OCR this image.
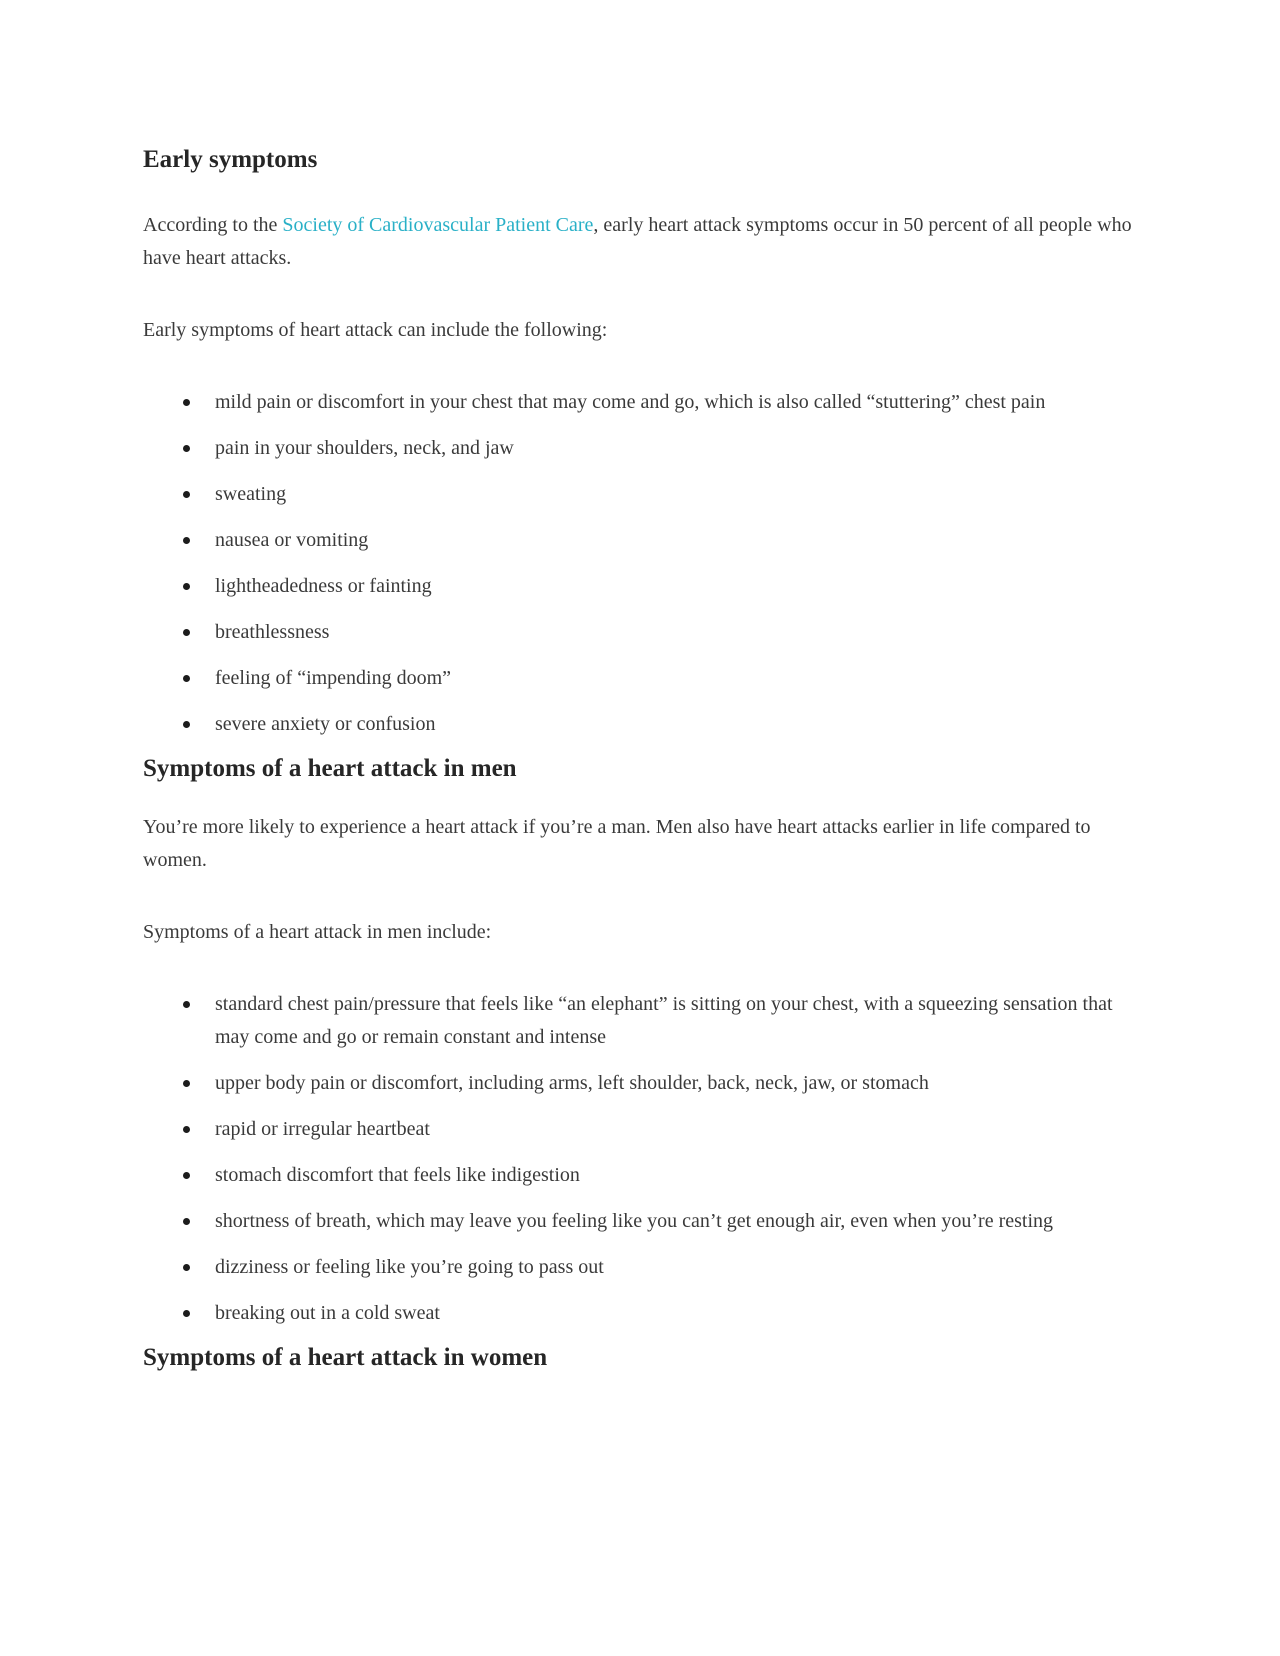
Early symptoms

According to the Society of Cardiovascular Patient Care, early heart attack symptoms occur in 50 percent of all people who have heart attacks.

Early symptoms of heart attack can include the following:

mild pain or discomfort in your chest that may come and go, which is also called “stuttering” chest pain
pain in your shoulders, neck, and jaw
sweating
nausea or vomiting
lightheadedness or fainting
breathlessness
feeling of “impending doom”
severe anxiety or confusion
Symptoms of a heart attack in men

You’re more likely to experience a heart attack if you’re a man. Men also have heart attacks earlier in life compared to women.

Symptoms of a heart attack in men include:

standard chest pain/pressure that feels like “an elephant” is sitting on your chest, with a squeezing sensation that may come and go or remain constant and intense
upper body pain or discomfort, including arms, left shoulder, back, neck, jaw, or stomach
rapid or irregular heartbeat
stomach discomfort that feels like indigestion
shortness of breath, which may leave you feeling like you can’t get enough air, even when you’re resting
dizziness or feeling like you’re going to pass out
breaking out in a cold sweat
Symptoms of a heart attack in women
